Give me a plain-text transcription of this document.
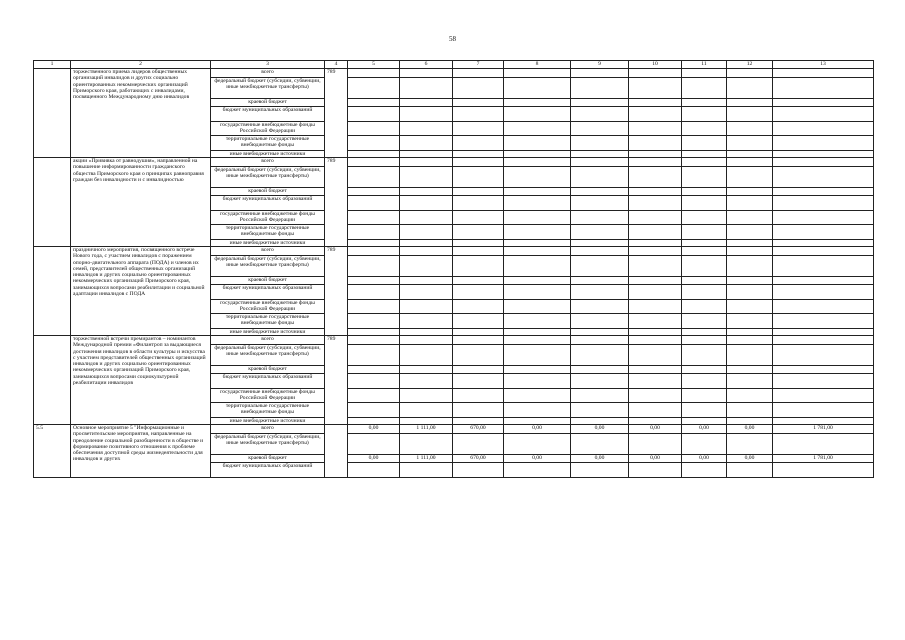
58
1	2	3	4	5	6	7	8	9	10	11	12	13
	торжественного приема лидеров общественных организаций инвалидов и других социально ориентированных некоммерческих организаций Приморского края, работающих с инвалидами, посвященного Международному дню инвалидов	всего	789									
		федеральный бюджет (субсидии, субвенции, иные межбюджетные трансферты)										
		краевой бюджет										
		бюджет муниципальных образований										
		государственные внебюджетные фонды Российской Федерации										
		территориальные государственные внебюджетные фонды										
		иные внебюджетные источники										
	акции «Прививка от равнодушия», направленной на повышение информированности гражданского общества Приморского края о принципах равноправия граждан без инвалидности и с инвалидностью	всего	789									
		федеральный бюджет (субсидии, субвенции, иные межбюджетные трансферты)										
		краевой бюджет										
		бюджет муниципальных образований										
		государственные внебюджетные фонды Российской Федерации										
		территориальные государственные внебюджетные фонды										
		иные внебюджетные источники										
	праздничного мероприятия, посвященного встрече Нового года, с участием инвалидов с поражением опорно-двигательного аппарата (ПОДА) и членов их семей, представителей общественных организаций инвалидов и других социально ориентированных некоммерческих организаций Приморского края, занимающихся вопросами реабилитации и социальной адаптации инвалидов с ПОДА	всего	789									
		федеральный бюджет (субсидии, субвенции, иные межбюджетные трансферты)										
		краевой бюджет										
		бюджет муниципальных образований										
		государственные внебюджетные фонды Российской Федерации										
		территориальные государственные внебюджетные фонды										
		иные внебюджетные источники										
	торжественной встречи премирантов – номинантов Международной премии «Филантроп за выдающиеся достижения инвалидов в области культуры и искусства с участием представителей общественных организаций инвалидов и других социально ориентированных некоммерческих организаций Приморского края, занимающихся вопросами социокультурной реабилитации инвалидов	всего	789									
		федеральный бюджет (субсидии, субвенции, иные межбюджетные трансферты)										
		краевой бюджет										
		бюджет муниципальных образований										
		государственные внебюджетные фонды Российской Федерации										
		территориальные государственные внебюджетные фонды										
		иные внебюджетные источники										
5.5	Основное мероприятие 5 "Информационные и просветительские мероприятия, направленные на преодоление социальной разобщенности в обществе и формирование позитивного отношения к проблеме обеспечения доступной среды жизнедеятельности для инвалидов и других	всего		0,00	1 111,00	670,00	0,00	0,00	0,00	0,00	0,00	1 781,00
		федеральный бюджет (субсидии, субвенции, иные межбюджетные трансферты)										
		краевой бюджет		0,00	1 111,00	670,00	0,00	0,00	0,00	0,00	0,00	1 781,00
		бюджет муниципальных образований										
